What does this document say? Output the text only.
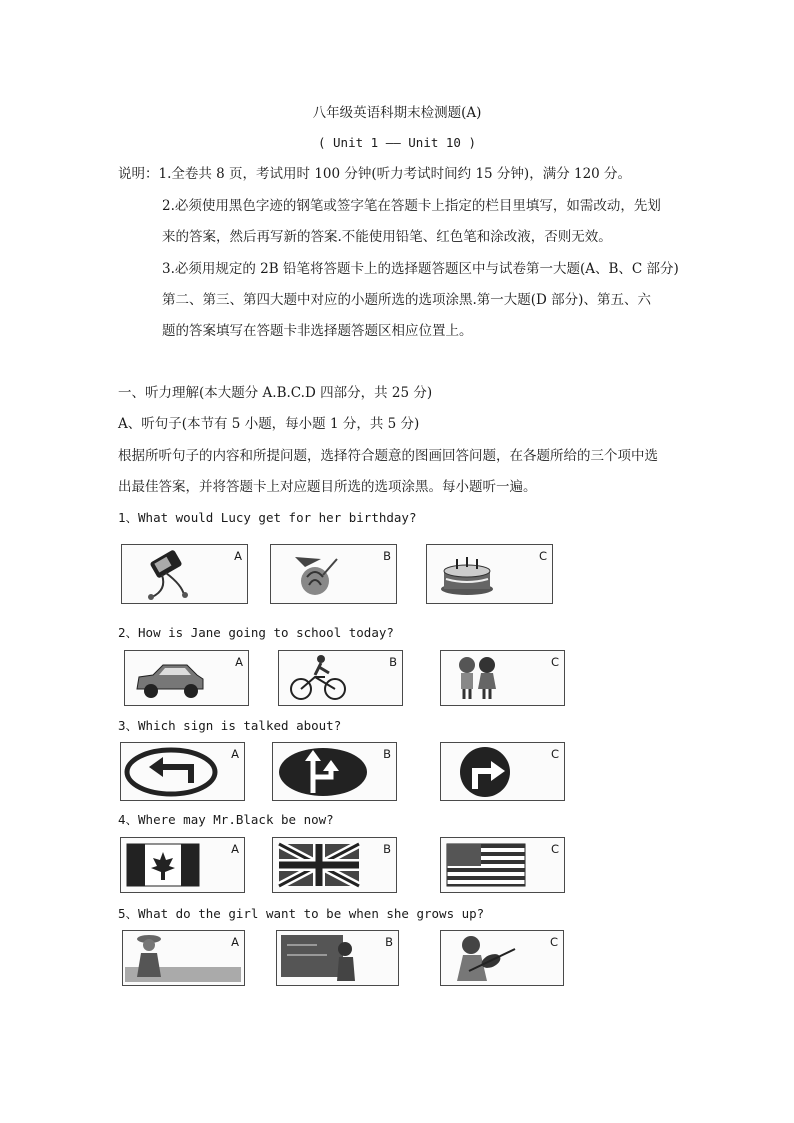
八年级英语科期末检测题(A)
( Unit 1 —— Unit 10 )
说明：1.全卷共 8 页，考试用时 100 分钟(听力考试时间约 15 分钟)，满分 120 分。
2.必须使用黑色字迹的钢笔或签字笔在答题卡上指定的栏目里填写，如需改动，先划
来的答案，然后再写新的答案.不能使用铅笔、红色笔和涂改液，否则无效。
3.必须用规定的 2B 铅笔将答题卡上的选择题答题区中与试卷第一大题(A、B、C 部分)
第二、第三、第四大题中对应的小题所选的选项涂黑.第一大题(D 部分)、第五、六
题的答案填写在答题卡非选择题答题区相应位置上。
一、听力理解(本大题分 A.B.C.D 四部分，共 25 分)
A、听句子(本节有 5 小题，每小题 1 分，共 5 分)
根据所听句子的内容和所提问题，选择符合题意的图画回答问题，在各题所给的三个项中选
出最佳答案，并将答题卡上对应题目所选的选项涂黑。每小题听一遍。
1、What would Lucy get for her birthday?
A	B	C
2、How is Jane going to school today?
A	B	C
3、Which sign is talked about?
A	B	C
4、Where may Mr.Black be now?
A	B	C
5、What do the girl want to be when she grows up?
A	B	C
